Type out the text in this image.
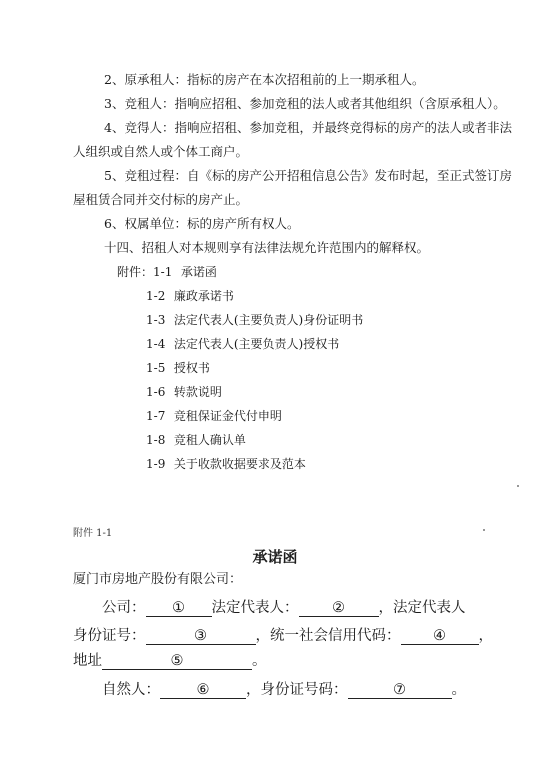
2、原承租人：指标的房产在本次招租前的上一期承租人。
3、竞租人：指响应招租、参加竞租的法人或者其他组织（含原承租人）。
4、竞得人：指响应招租、参加竞租，并最终竞得标的房产的法人或者非法
人组织或自然人或个体工商户。
5、竞租过程：自《标的房产公开招租信息公告》发布时起，至正式签订房
屋租赁合同并交付标的房产止。
6、权属单位：标的房产所有权人。
十四、招租人对本规则享有法律法规允许范围内的解释权。
附件：1-1 承诺函
1-2 廉政承诺书
1-3 法定代表人(主要负责人)身份证明书
1-4 法定代表人(主要负责人)授权书
1-5 授权书
1-6 转款说明
1-7 竞租保证金代付申明
1-8 竞租人确认单
1-9 关于收款收据要求及范本
附件 1-1
承诺函
厦门市房地产股份有限公司：
公司： ① 法定代表人： ② ，法定代表人
身份证号：	③	，统一社会信用代码： ④ ，
地址	⑤	。
自然人：	⑥	，身份证号码：	⑦	。
